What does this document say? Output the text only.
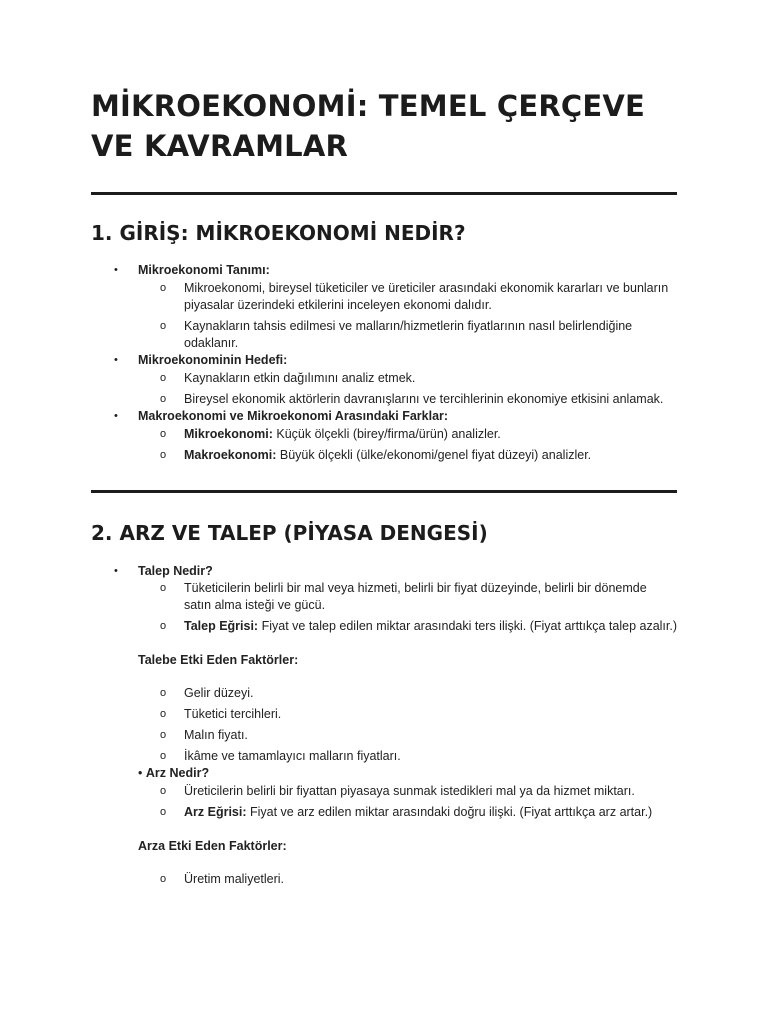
MİKROEKONOMİ: TEMEL ÇERÇEVE VE KAVRAMLAR
1. GİRİŞ: MİKROEKONOMİ NEDİR?
• Mikroekonomi Tanımı:
o Mikroekonomi, bireysel tüketiciler ve üreticiler arasındaki ekonomik kararları ve bunların piyasalar üzerindeki etkilerini inceleyen ekonomi dalıdır.
o Kaynakların tahsis edilmesi ve malların/hizmetlerin fiyatlarının nasıl belirlendiğine odaklanır.
• Mikroekonominin Hedefi:
o Kaynakların etkin dağılımını analiz etmek.
o Bireysel ekonomik aktörlerin davranışlarını ve tercihlerinin ekonomiye etkisini anlamak.
• Makroekonomi ve Mikroekonomi Arasındaki Farklar:
o Mikroekonomi: Küçük ölçekli (birey/firma/ürün) analizler.
o Makroekonomi: Büyük ölçekli (ülke/ekonomi/genel fiyat düzeyi) analizler.
2. ARZ VE TALEP (PİYASA DENGESİ)
• Talep Nedir?
o Tüketicilerin belirli bir mal veya hizmeti, belirli bir fiyat düzeyinde, belirli bir dönemde satın alma isteği ve gücü.
o Talep Eğrisi: Fiyat ve talep edilen miktar arasındaki ters ilişki. (Fiyat arttıkça talep azalır.)
Talebe Etki Eden Faktörler:
o Gelir düzeyi.
o Tüketici tercihleri.
o Malın fiyatı.
o İkâme ve tamamlayıcı malların fiyatları.
• Arz Nedir?
o Üreticilerin belirli bir fiyattan piyasaya sunmak istedikleri mal ya da hizmet miktarı.
o Arz Eğrisi: Fiyat ve arz edilen miktar arasındaki doğru ilişki. (Fiyat arttıkça arz artar.)
Arza Etki Eden Faktörler:
o Üretim maliyetleri.
